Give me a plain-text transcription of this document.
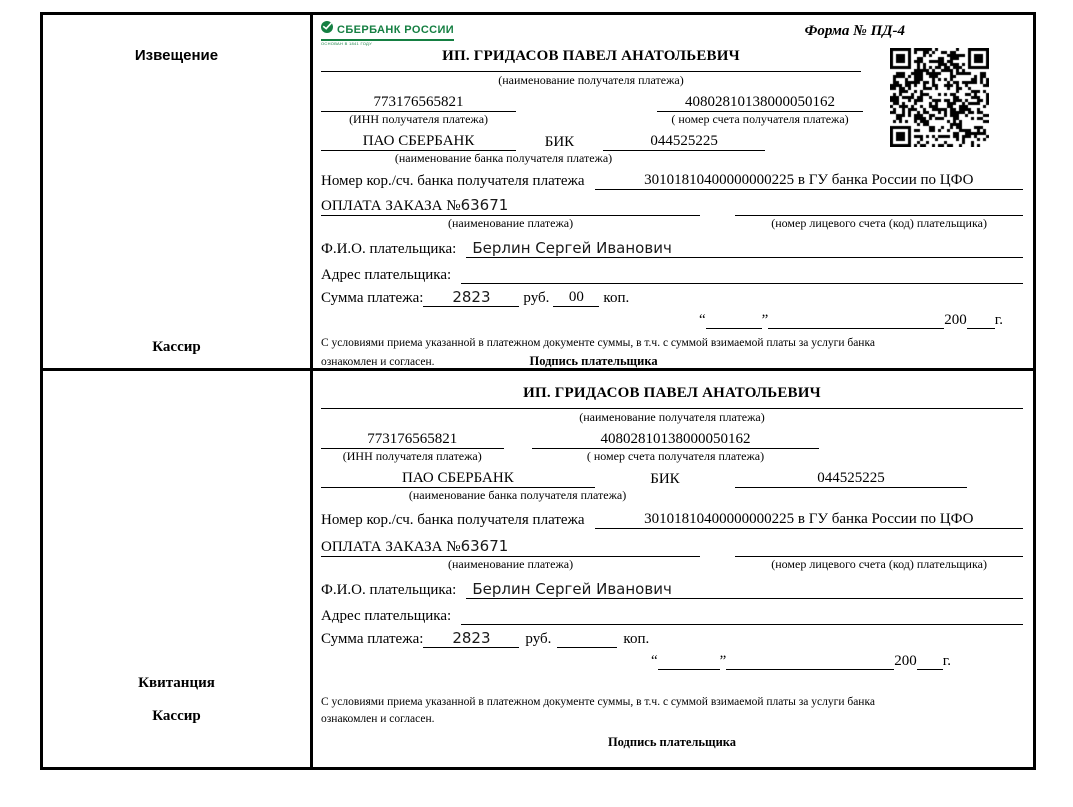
Извещение
Кассир
СБЕРБАНК РОССИИ
ОСНОВАН В 1841 ГОДУ
Форма № ПД-4
ИП. ГРИДАСОВ ПАВЕЛ АНАТОЛЬЕВИЧ
(наименование получателя платежа)
773176565821
(ИНН получателя платежа)
40802810138000050162
( номер счета получателя платежа)
ПАО СБЕРБАНК	БИК	044525225
(наименование банка получателя платежа)
Номер кор./сч. банка получателя платежа	30101810400000000225 в ГУ банка России по ЦФО
ОПЛАТА ЗАКАЗА №63671
(наименование платежа)	(номер лицевого счета (код) плательщика)
Ф.И.О. плательщика:	Берлин Сергей Иванович
Адрес плательщика:
Сумма платежа:	2823	руб.	00	коп.
“	”	200 г.
С условиями приема указанной в платежном документе суммы, в т.ч. с суммой взимаемой платы за услуги банка
ознакомлен и согласен.	Подпись плательщика
Квитанция
Кассир
ИП. ГРИДАСОВ ПАВЕЛ АНАТОЛЬЕВИЧ
(наименование получателя платежа)
773176565821
(ИНН получателя платежа)
40802810138000050162
( номер счета получателя платежа)
ПАО СБЕРБАНК	БИК	044525225
(наименование банка получателя платежа)
Номер кор./сч. банка получателя платежа	30101810400000000225 в ГУ банка России по ЦФО
ОПЛАТА ЗАКАЗА №63671
(наименование платежа)	(номер лицевого счета (код) плательщика)
Ф.И.О. плательщика:	Берлин Сергей Иванович
Адрес плательщика:
Сумма платежа:	2823	руб.	коп.
“	”	200 г.
С условиями приема указанной в платежном документе суммы, в т.ч. с суммой взимаемой платы за услуги банка
ознакомлен и согласен.
Подпись плательщика
